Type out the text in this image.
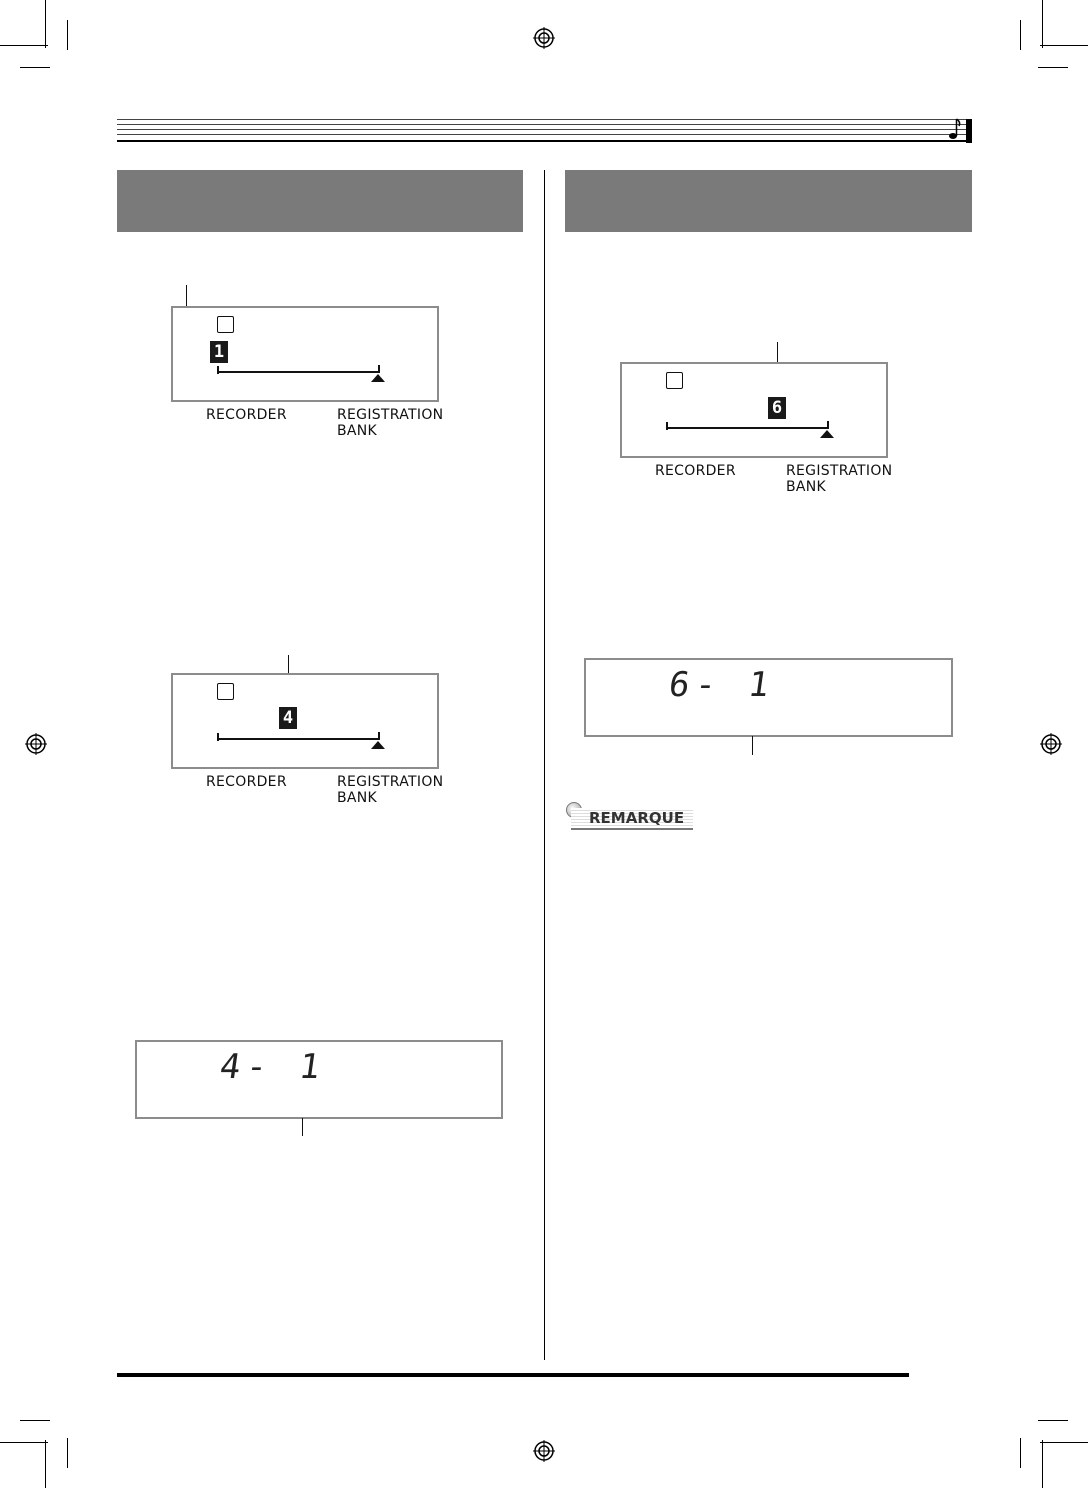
1
RECORDER	REGISTRATION
BANK
4
RECORDER	REGISTRATION
BANK
4- 1
6
RECORDER	REGISTRATION
BANK
6- 1
REMARQUE
